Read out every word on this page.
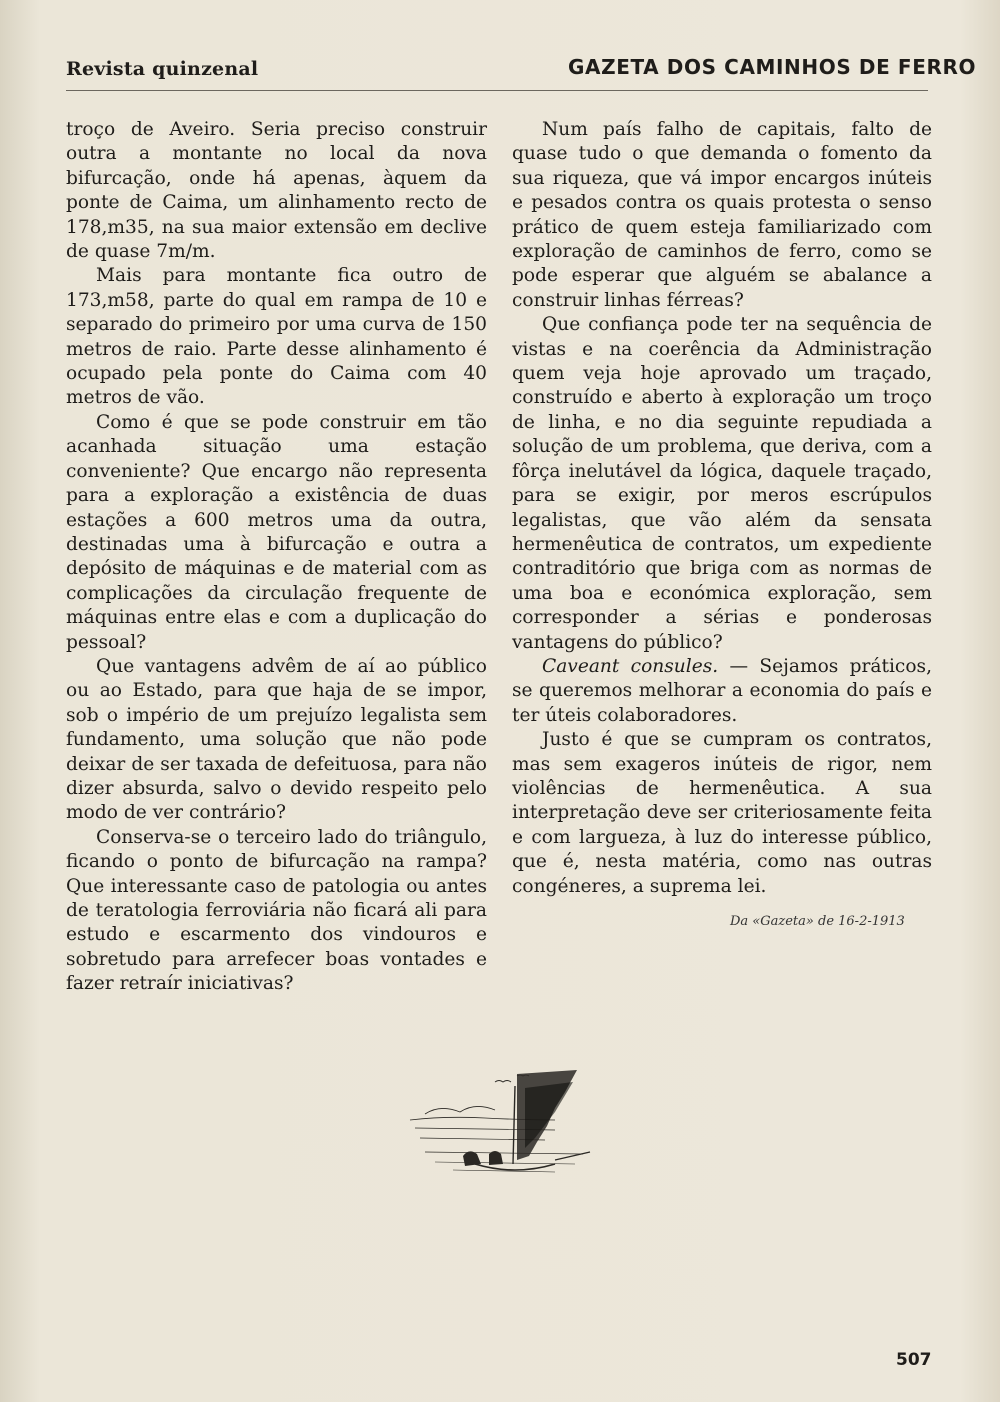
Revista quinzenal	GAZETA DOS CAMINHOS DE FERRO

troço de Aveiro. Seria preciso construir outra a montante no local da nova bifurcação, onde há apenas, àquem da ponte de Caima, um alinhamento recto de 178,m35, na sua maior extensão em declive de quase 7m/m.

Mais para montante fica outro de 173,m58, parte do qual em rampa de 10 e separado do primeiro por uma curva de 150 metros de raio. Parte desse alinhamento é ocupado pela ponte do Caima com 40 metros de vão.

Como é que se pode construir em tão acanhada situação uma estação conveniente? Que encargo não representa para a exploração a existência de duas estações a 600 metros uma da outra, destinadas uma à bifurcação e outra a depósito de máquinas e de material com as complicações da circulação frequente de máquinas entre elas e com a duplicação do pessoal?

Que vantagens advêm de aí ao público ou ao Estado, para que haja de se impor, sob o império de um prejuízo legalista sem fundamento, uma solução que não pode deixar de ser taxada de defeituosa, para não dizer absurda, salvo o devido respeito pelo modo de ver contrário?

Conserva-se o terceiro lado do triângulo, ficando o ponto de bifurcação na rampa? Que interessante caso de patologia ou antes de teratologia ferroviária não ficará ali para estudo e escarmento dos vindouros e sobretudo para arrefecer boas vontades e fazer retraír iniciativas?

Num país falho de capitais, falto de quase tudo o que demanda o fomento da sua riqueza, que vá impor encargos inúteis e pesados contra os quais protesta o senso prático de quem esteja familiarizado com exploração de caminhos de ferro, como se pode esperar que alguém se abalance a construir linhas férreas?

Que confiança pode ter na sequência de vistas e na coerência da Administração quem veja hoje aprovado um traçado, construído e aberto à exploração um troço de linha, e no dia seguinte repudiada a solução de um problema, que deriva, com a fôrça inelutável da lógica, daquele traçado, para se exigir, por meros escrúpulos legalistas, que vão além da sensata hermenêutica de contratos, um expediente contraditório que briga com as normas de uma boa e económica exploração, sem corresponder a sérias e ponderosas vantagens do público?

Caveant consules. — Sejamos práticos, se queremos melhorar a economia do país e ter úteis colaboradores.

Justo é que se cumpram os contratos, mas sem exageros inúteis de rigor, nem violências de hermenêutica. A sua interpretação deve ser criteriosamente feita e com largueza, à luz do interesse público, que é, nesta matéria, como nas outras congéneres, a suprema lei.

Da «Gazeta» de 16-2-1913
507
